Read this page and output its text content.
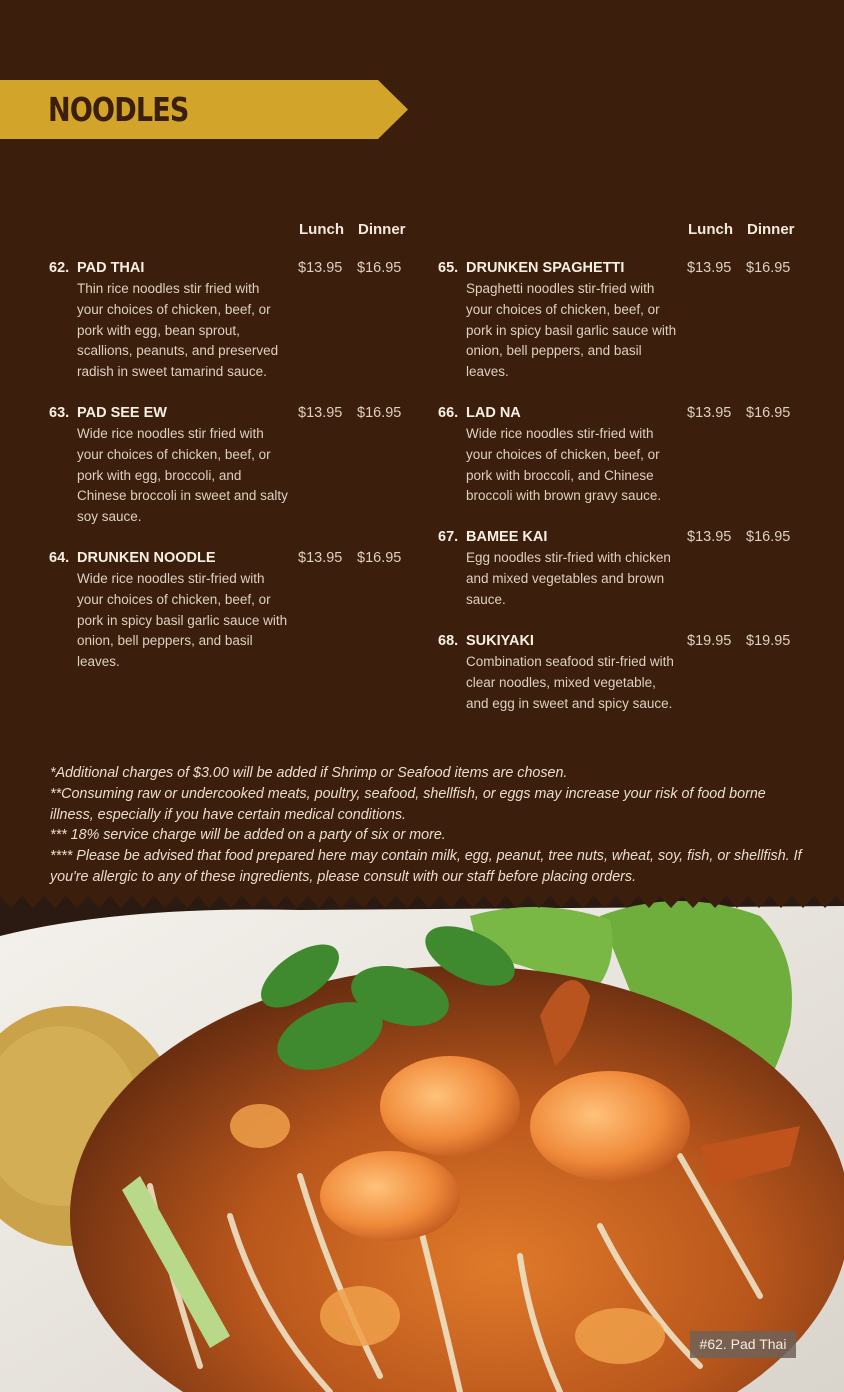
NOODLES
Lunch Dinner	Lunch Dinner
62. PAD THAI	$13.95 $16.95
Thin rice noodles stir fried with your choices of chicken, beef, or pork with egg, bean sprout, scallions, peanuts, and preserved radish in sweet tamarind sauce.
63. PAD SEE EW	$13.95 $16.95
Wide rice noodles stir fried with your choices of chicken, beef, or pork with egg, broccoli, and Chinese broccoli in sweet and salty soy sauce.
64. DRUNKEN NOODLE	$13.95 $16.95
Wide rice noodles stir-fried with your choices of chicken, beef, or pork in spicy basil garlic sauce with onion, bell peppers, and basil leaves.
65. DRUNKEN SPAGHETTI	$13.95 $16.95
Spaghetti noodles stir-fried with your choices of chicken, beef, or pork in spicy basil garlic sauce with onion, bell peppers, and basil leaves.
66. LAD NA	$13.95 $16.95
Wide rice noodles stir-fried with your choices of chicken, beef, or pork with broccoli, and Chinese broccoli with brown gravy sauce.
67. BAMEE KAI	$13.95 $16.95
Egg noodles stir-fried with chicken and mixed vegetables and brown sauce.
68. SUKIYAKI	$19.95 $19.95
Combination seafood stir-fried with clear noodles, mixed vegetable, and egg in sweet and spicy sauce.

*Additional charges of $3.00 will be added if Shrimp or Seafood items are chosen.

**Consuming raw or undercooked meats, poultry, seafood, shellfish, or eggs may increase your risk of food borne illness, especially if you have certain medical conditions.

*** 18% service charge will be added on a party of six or more.

**** Please be advised that food prepared here may contain milk, egg, peanut, tree nuts, wheat, soy, fish, or shellfish. If you're allergic to any of these ingredients, please consult with our staff before placing orders.

#62. Pad Thai
